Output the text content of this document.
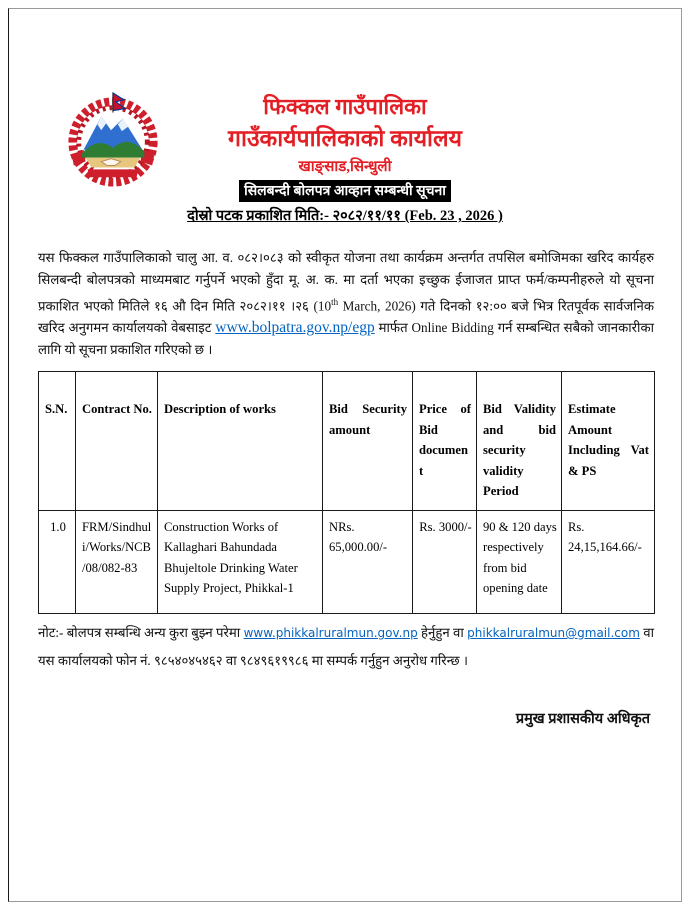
फिक्कल गाउँपालिका
गाउँकार्यपालिकाको कार्यालय
खाङ्साड,सिन्धुली
सिलबन्दी बोलपत्र आव्हान सम्बन्धी सूचना
दोस्रो पटक प्रकाशित मिति:- २०८२/११/११ (Feb. 23 , 2026 )
यस फिक्कल गाउँपालिकाको चालु आ. व. ०८२।०८३ को स्वीकृत योजना तथा कार्यक्रम अन्तर्गत तपसिल बमोजिमका खरिद कार्यहरु सिलबन्दी बोलपत्रको माध्यमबाट गर्नुपर्ने भएको हुँदा मू. अ. क. मा दर्ता भएका इच्छुक ईजाजत प्राप्त फर्म/कम्पनीहरुले यो सूचना प्रकाशित भएको मितिले १६ औ दिन मिति २०८२।११ ।२६ (10th March, 2026) गते दिनको १२:०० बजे भित्र रितपूर्वक सार्वजनिक खरिद अनुगमन कार्यालयको वेबसाइट www.bolpatra.gov.np/egp मार्फत Online Bidding गर्न सम्बन्धित सबैको जानकारीका लागि यो सूचना प्रकाशित गरिएको छ ।
S.N.	Contract No.	Description of works	Bid Security amount	Price of Bid document	Bid Validity and bid security validity Period	Estimate Amount Including Vat & PS
1.0	FRM/Sindhuli/Works/NCB/08/082-83	Construction Works of Kallaghari Bahundada Bhujeltole Drinking Water Supply Project, Phikkal-1	NRs. 65,000.00/-	Rs. 3000/-	90 & 120 days respectively from bid opening date	Rs. 24,15,164.66/-
नोट:- बोलपत्र सम्बन्धि अन्य कुरा बुझ्न परेमा www.phikkalruralmun.gov.np हेर्नुहुन वा phikkalruralmun@gmail.com वा यस कार्यालयको फोन नं. ९८५४०४५४६२ वा ९८४९६१९९८६ मा सम्पर्क गर्नुहुन अनुरोध गरिन्छ ।
प्रमुख प्रशासकीय अधिकृत
